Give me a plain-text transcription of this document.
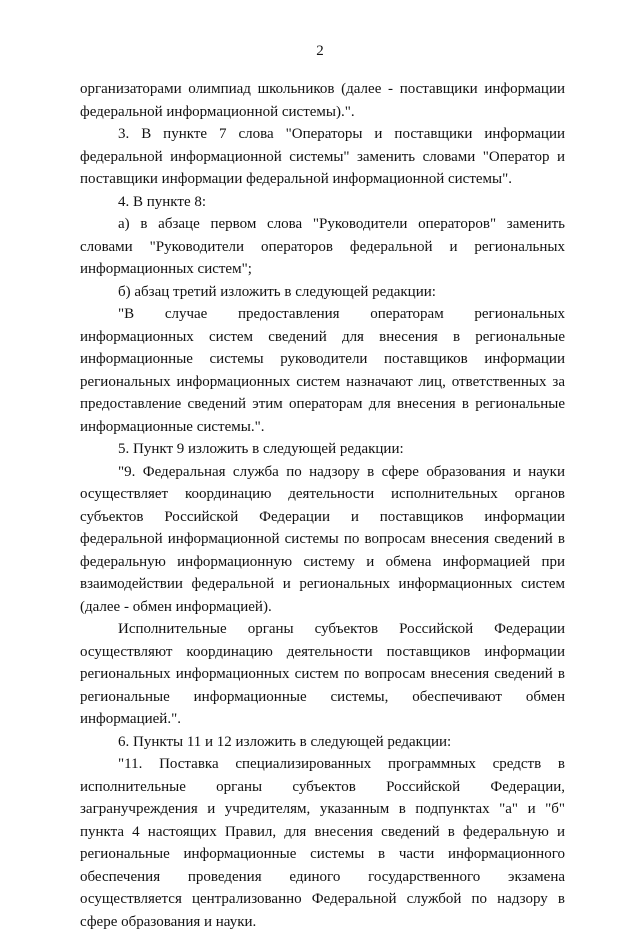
2

организаторами олимпиад школьников (далее - поставщики информации федеральной информационной системы).".

3. В пункте 7 слова "Операторы и поставщики информации федеральной информационной системы" заменить словами "Оператор и поставщики информации федеральной информационной системы".

4. В пункте 8:

а) в абзаце первом слова "Руководители операторов" заменить словами "Руководители операторов федеральной и региональных информационных систем";

б) абзац третий изложить в следующей редакции:

"В случае предоставления операторам региональных информационных систем сведений для внесения в региональные информационные системы руководители поставщиков информации региональных информационных систем назначают лиц, ответственных за предоставление сведений этим операторам для внесения в региональные информационные системы.".

5. Пункт 9 изложить в следующей редакции:

"9. Федеральная служба по надзору в сфере образования и науки осуществляет координацию деятельности исполнительных органов субъектов Российской Федерации и поставщиков информации федеральной информационной системы по вопросам внесения сведений в федеральную информационную систему и обмена информацией при взаимодействии федеральной и региональных информационных систем (далее - обмен информацией).

Исполнительные органы субъектов Российской Федерации осуществляют координацию деятельности поставщиков информации региональных информационных систем по вопросам внесения сведений в региональные информационные системы, обеспечивают обмен информацией.".

6. Пункты 11 и 12 изложить в следующей редакции:

"11. Поставка специализированных программных средств в исполнительные органы субъектов Российской Федерации, загранучреждения и учредителям, указанным в подпунктах "а" и "б" пункта 4 настоящих Правил, для внесения сведений в федеральную и региональные информационные системы в части информационного обеспечения проведения единого государственного экзамена осуществляется централизованно Федеральной службой по надзору в сфере образования и науки.
